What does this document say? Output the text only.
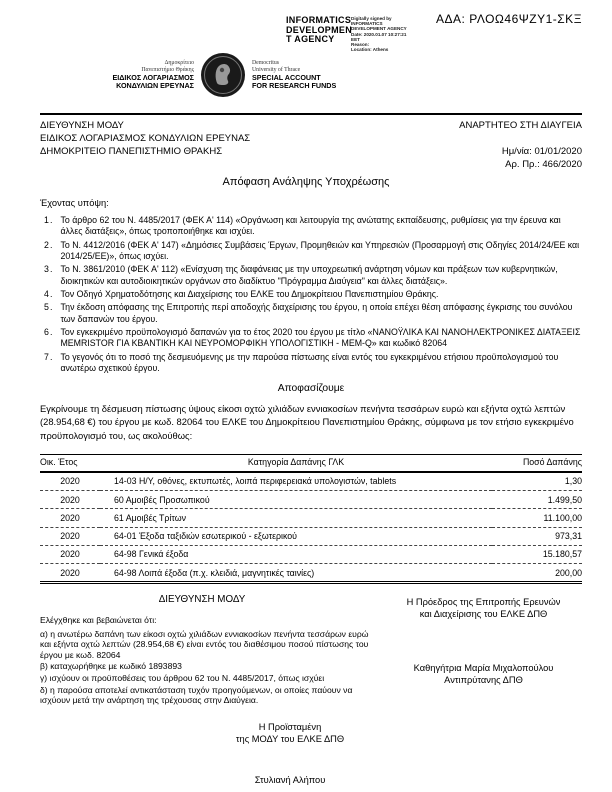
ΑΔΑ: ΡΛΟΩ46ΨΖΥ1-ΣΚΞ
INFORMATICS
DEVELOPMEN
T AGENCY
Digitally signed by
INFORMATICS
DEVELOPMENT AGENCY
Date: 2020.01.07 10:27:21
EET
Reason:
Location: Athens
Δημοκρίτειο
Πανεπιστήμιο Θράκης
ΕΙΔΙΚΟΣ ΛΟΓΑΡΙΑΣΜΟΣ
ΚΟΝΔΥΛΙΩΝ ΕΡΕΥΝΑΣ
Democritus
University of Thrace
SPECIAL ACCOUNT
FOR RESEARCH FUNDS
ΔΙΕΥΘΥΝΣΗ ΜΟΔΥ
ΕΙΔΙΚΟΣ ΛΟΓΑΡΙΑΣΜΟΣ ΚΟΝΔΥΛΙΩΝ ΕΡΕΥΝΑΣ
ΔΗΜΟΚΡΙΤΕΙΟ ΠΑΝΕΠΙΣΤΗΜΙΟ ΘΡΑΚΗΣ
ΑΝΑΡΤΗΤΕΟ ΣΤΗ ΔΙΑΥΓΕΙΑ
Ημ/νία: 01/01/2020
Αρ. Πρ.: 466/2020
Απόφαση Ανάληψης Υποχρέωσης
Έχοντας υπόψη:
1 . Το άρθρο 62 του Ν. 4485/2017 (ΦΕΚ Α' 114) «Οργάνωση και λειτουργία της ανώτατης εκπαίδευσης, ρυθμίσεις για την έρευνα και άλλες διατάξεις», όπως τροποποιήθηκε και ισχύει.
2 . Το Ν. 4412/2016 (ΦΕΚ Α' 147) «Δημόσιες Συμβάσεις Έργων, Προμηθειών και Υπηρεσιών (Προσαρμογή στις Οδηγίες 2014/24/ΕΕ και 2014/25/ΕΕ)», όπως ισχύει.
3 . Το Ν. 3861/2010 (ΦΕΚ Α' 112) «Ενίσχυση της διαφάνειας με την υποχρεωτική ανάρτηση νόμων και πράξεων των κυβερνητικών, διοικητικών και αυτοδιοικητικών οργάνων στο διαδίκτυο "Πρόγραμμα Διαύγεια" και άλλες διατάξεις».
4 . Τον Οδηγό Χρηματοδότησης και Διαχείρισης του ΕΛΚΕ του Δημοκρίτειου Πανεπιστημίου Θράκης.
5 . Την έκδοση απόφασης της Επιτροπής περί αποδοχής διαχείρισης του έργου, η οποία επέχει θέση απόφασης έγκρισης του συνόλου των δαπανών του έργου.
6 . Τον εγκεκριμένο προϋπολογισμό δαπανών για το έτος 2020 του έργου με τίτλο «ΝΑΝΟΫΛΙΚΑ ΚΑΙ ΝΑΝΟΗΛΕΚΤΡΟΝΙΚΕΣ ΔΙΑΤΑΞΕΙΣ MEMRISTOR ΓΙΑ ΚΒΑΝΤΙΚΗ ΚΑΙ ΝΕΥΡΟΜΟΡΦΙΚΗ ΥΠΟΛΟΓΙΣΤΙΚΗ - MEM-Q» και κωδικό 82064
7 . Το γεγονός ότι το ποσό της δεσμευόμενης με την παρούσα πίστωσης είναι εντός του εγκεκριμένου ετήσιου προϋπολογισμού του ανωτέρω σχετικού έργου.
Αποφασίζουμε
Εγκρίνουμε τη δέσμευση πίστωσης ύψους είκοσι οχτώ χιλιάδων εννιακοσίων πενήντα τεσσάρων ευρώ και εξήντα οχτώ λεπτών (28.954,68 €) του έργου με κωδ. 82064 του ΕΛΚΕ του Δημοκρίτειου Πανεπιστημίου Θράκης, σύμφωνα με τον ετήσιο εγκεκριμένο προϋπολογισμό του, ως ακολούθως:
Οικ. Έτος	Κατηγορία Δαπάνης ΓΛΚ	Ποσό Δαπάνης
2020	14-03 Η/Υ, οθόνες, εκτυπωτές, λοιπά περιφερειακά υπολογιστών, tablets	1,30
2020	60 Αμοιβές Προσωπικού	1.499,50
2020	61 Αμοιβές Τρίτων	11.100,00
2020	64-01 Έξοδα ταξιδιών εσωτερικού - εξωτερικού	973,31
2020	64-98 Γενικά έξοδα	15.180,57
2020	64-98 Λοιπά έξοδα (π.χ. κλειδιά, μαγνητικές ταινίες)	200,00
ΔΙΕΥΘΥΝΣΗ ΜΟΔΥ
Ελέγχθηκε και βεβαιώνεται ότι:
α) η ανωτέρω δαπάνη των είκοσι οχτώ χιλιάδων εννιακοσίων πενήντα τεσσάρων ευρώ και εξήντα οχτώ λεπτών (28.954,68 €) είναι εντός του διαθέσιμου ποσού πίστωσης του έργου με κωδ. 82064
β) καταχωρήθηκε με κωδικό 1893893
γ) ισχύουν οι προϋποθέσεις του άρθρου 62 του Ν. 4485/2017, όπως ισχύει
δ) η παρούσα αποτελεί αντικατάσταση τυχόν προηγούμενων, οι οποίες παύουν να ισχύουν μετά την ανάρτηση της τρέχουσας στην Διαύγεια.
Η Πρόεδρος της Επιτροπής Ερευνών
και Διαχείρισης του ΕΛΚΕ ΔΠΘ
Καθηγήτρια Μαρία Μιχαλοπούλου
Αντιπρύτανης ΔΠΘ
Η Προϊσταμένη
της ΜΟΔΥ του ΕΛΚΕ ΔΠΘ
Στυλιανή Αλήπου
